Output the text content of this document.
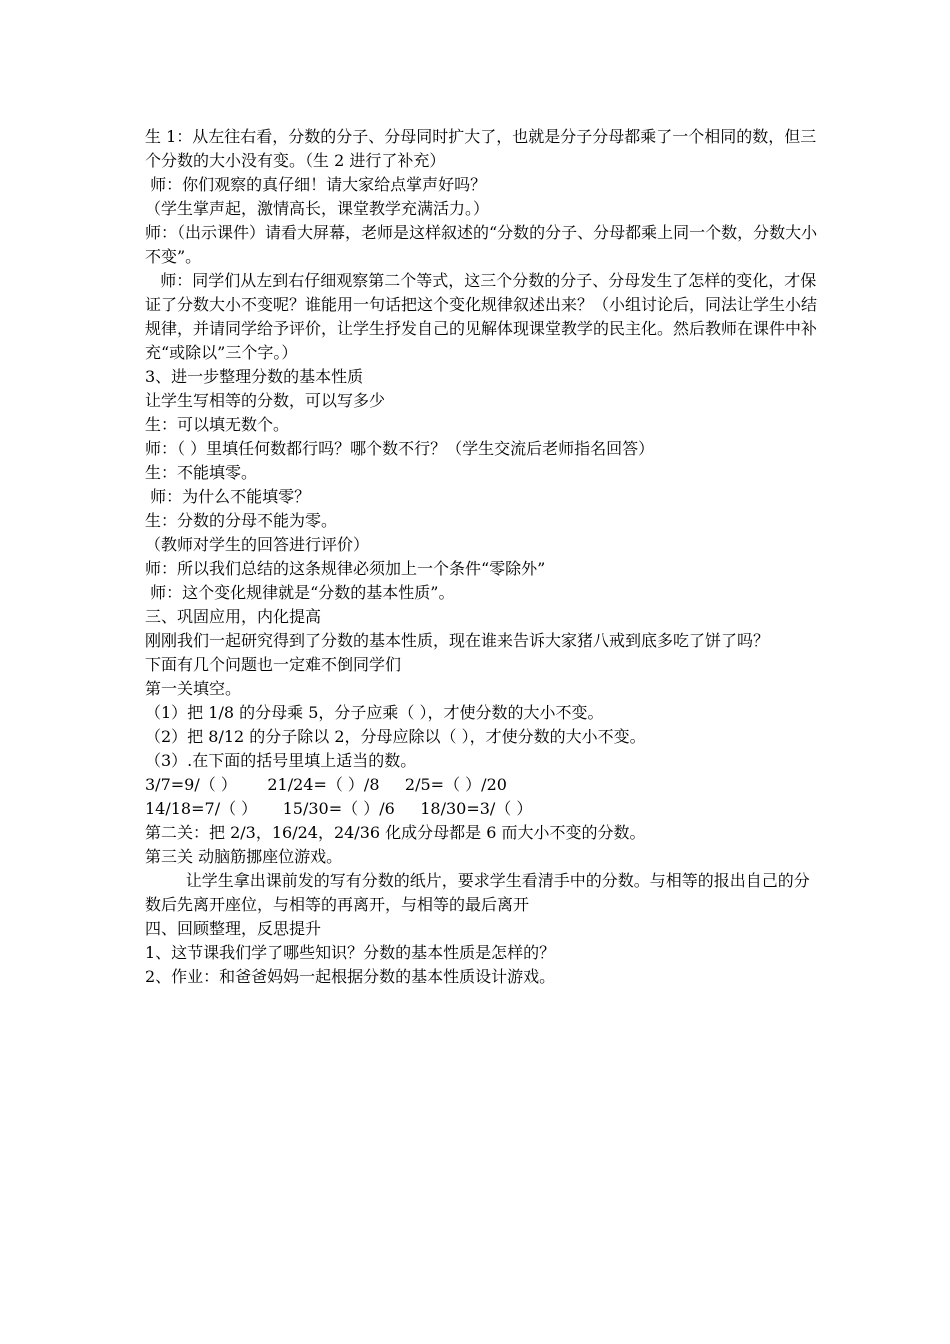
生 1：从左往右看，分数的分子、分母同时扩大了，也就是分子分母都乘了一个相同的数，但三个分数的大小没有变。（生 2 进行了补充）
师：你们观察的真仔细！请大家给点掌声好吗？
（学生掌声起，激情高长，课堂教学充满活力。）
师：（出示课件）请看大屏幕，老师是这样叙述的“分数的分子、分母都乘上同一个数，分数大小不变”。
师：同学们从左到右仔细观察第二个等式，这三个分数的分子、分母发生了怎样的变化，才保证了分数大小不变呢？谁能用一句话把这个变化规律叙述出来？（小组讨论后，同法让学生小结规律，并请同学给予评价，让学生抒发自己的见解体现课堂教学的民主化。然后教师在课件中补充“或除以”三个字。）
3、进一步整理分数的基本性质
让学生写相等的分数，可以写多少
生：可以填无数个。
师：（ ）里填任何数都行吗？哪个数不行？（学生交流后老师指名回答）
生：不能填零。
师：为什么不能填零？
生：分数的分母不能为零。
（教师对学生的回答进行评价）
师：所以我们总结的这条规律必须加上一个条件“零除外”
师：这个变化规律就是“分数的基本性质”。
三、巩固应用，内化提高
刚刚我们一起研究得到了分数的基本性质，现在谁来告诉大家猪八戒到底多吃了饼了吗？
下面有几个问题也一定难不倒同学们
第一关填空。
（1）把 1/8 的分母乘 5，分子应乘（ ），才使分数的大小不变。
（2）把 8/12 的分子除以 2，分母应除以（ ），才使分数的大小不变。
（3）.在下面的括号里填上适当的数。
3/7=9/（ ）      21/24=（ ）/8     2/5=（ ）/20
14/18=7/（ ）     15/30=（ ）/6     18/30=3/（ ）
第二关：把 2/3，16/24，24/36 化成分母都是 6 而大小不变的分数。
第三关 动脑筋挪座位游戏。
让学生拿出课前发的写有分数的纸片，要求学生看清手中的分数。与相等的报出自己的分数后先离开座位，与相等的再离开，与相等的最后离开
四、回顾整理，反思提升
1、这节课我们学了哪些知识？分数的基本性质是怎样的？
2、作业：和爸爸妈妈一起根据分数的基本性质设计游戏。
